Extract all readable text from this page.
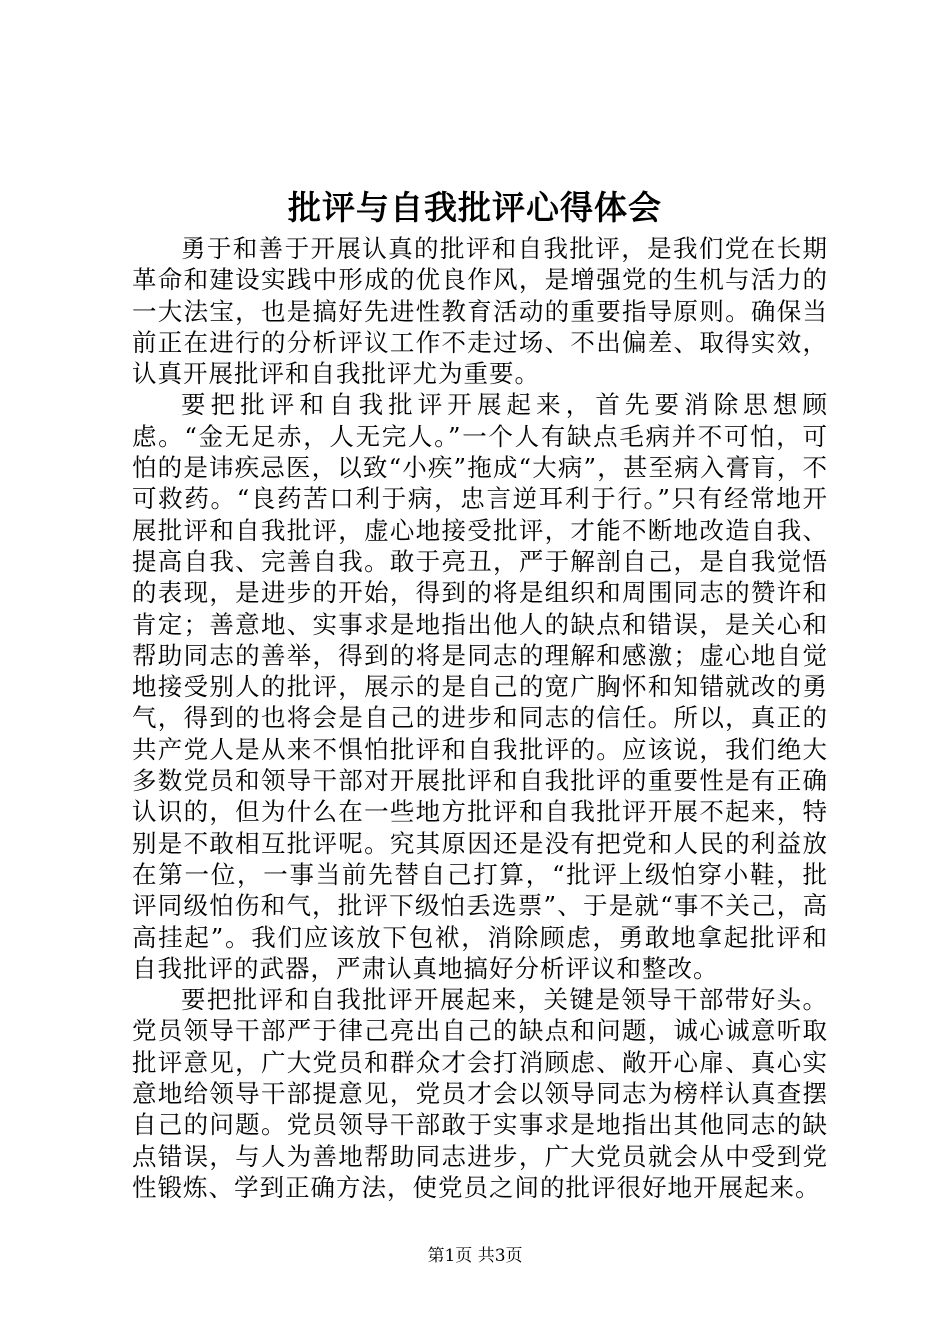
批评与自我批评心得体会

勇于和善于开展认真的批评和自我批评，是我们党在长期革命和建设实践中形成的优良作风，是增强党的生机与活力的一大法宝，也是搞好先进性教育活动的重要指导原则。确保当前正在进行的分析评议工作不走过场、不出偏差、取得实效，认真开展批评和自我批评尤为重要。

要把批评和自我批评开展起来，首先要消除思想顾虑。“金无足赤，人无完人。”一个人有缺点毛病并不可怕，可怕的是讳疾忌医，以致“小疾”拖成“大病”，甚至病入膏肓，不可救药。“良药苦口利于病，忠言逆耳利于行。”只有经常地开展批评和自我批评，虚心地接受批评，才能不断地改造自我、提高自我、完善自我。敢于亮丑，严于解剖自己，是自我觉悟的表现，是进步的开始，得到的将是组织和周围同志的赞许和肯定；善意地、实事求是地指出他人的缺点和错误，是关心和帮助同志的善举，得到的将是同志的理解和感激；虚心地自觉地接受别人的批评，展示的是自己的宽广胸怀和知错就改的勇气，得到的也将会是自己的进步和同志的信任。所以，真正的共产党人是从来不惧怕批评和自我批评的。应该说，我们绝大多数党员和领导干部对开展批评和自我批评的重要性是有正确认识的，但为什么在一些地方批评和自我批评开展不起来，特别是不敢相互批评呢。究其原因还是没有把党和人民的利益放在第一位，一事当前先替自己打算，“批评上级怕穿小鞋，批评同级怕伤和气，批评下级怕丢选票”、于是就“事不关己，高高挂起”。我们应该放下包袱，消除顾虑，勇敢地拿起批评和自我批评的武器，严肃认真地搞好分析评议和整改。

要把批评和自我批评开展起来，关键是领导干部带好头。党员领导干部严于律己亮出自己的缺点和问题，诚心诚意听取批评意见，广大党员和群众才会打消顾虑、敞开心扉、真心实意地给领导干部提意见，党员才会以领导同志为榜样认真查摆自己的问题。党员领导干部敢于实事求是地指出其他同志的缺点错误，与人为善地帮助同志进步，广大党员就会从中受到党性锻炼、学到正确方法，使党员之间的批评很好地开展起来。

第1页 共3页
